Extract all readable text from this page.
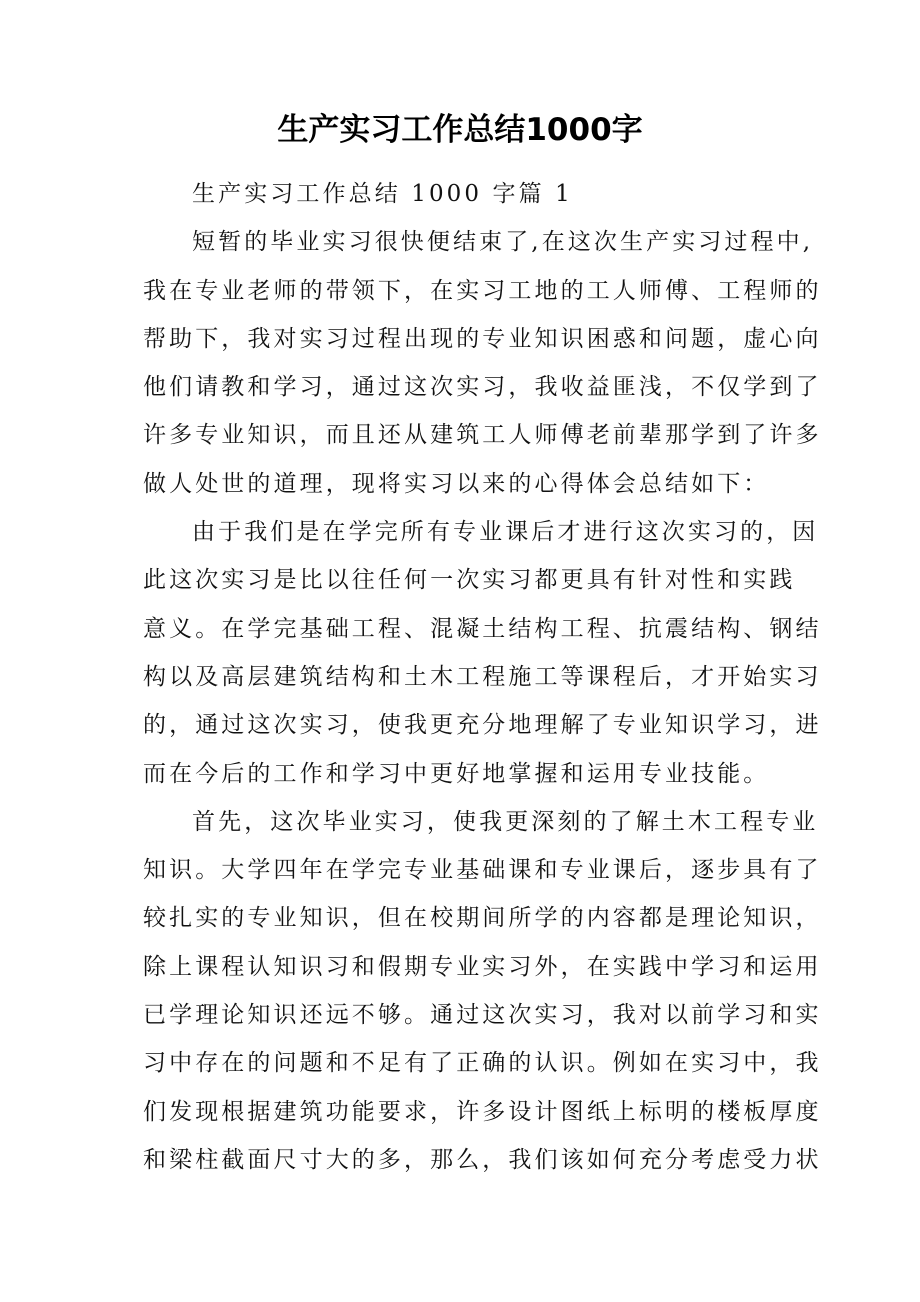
生产实习工作总结1000字
生产实习工作总结 1000 字篇 1
短暂的毕业实习很快便结束了,在这次生产实习过程中,
我在专业老师的带领下，在实习工地的工人师傅、工程师的
帮助下，我对实习过程出现的专业知识困惑和问题，虚心向
他们请教和学习，通过这次实习，我收益匪浅，不仅学到了
许多专业知识，而且还从建筑工人师傅老前辈那学到了许多
做人处世的道理，现将实习以来的心得体会总结如下：
由于我们是在学完所有专业课后才进行这次实习的，因
此这次实习是比以往任何一次实习都更具有针对性和实践
意义。在学完基础工程、混凝土结构工程、抗震结构、钢结
构以及高层建筑结构和土木工程施工等课程后，才开始实习
的，通过这次实习，使我更充分地理解了专业知识学习，进
而在今后的工作和学习中更好地掌握和运用专业技能。
首先，这次毕业实习，使我更深刻的了解土木工程专业
知识。大学四年在学完专业基础课和专业课后，逐步具有了
较扎实的专业知识，但在校期间所学的内容都是理论知识，
除上课程认知识习和假期专业实习外，在实践中学习和运用
已学理论知识还远不够。通过这次实习，我对以前学习和实
习中存在的问题和不足有了正确的认识。例如在实习中，我
们发现根据建筑功能要求，许多设计图纸上标明的楼板厚度
和梁柱截面尺寸大的多，那么，我们该如何充分考虑受力状
